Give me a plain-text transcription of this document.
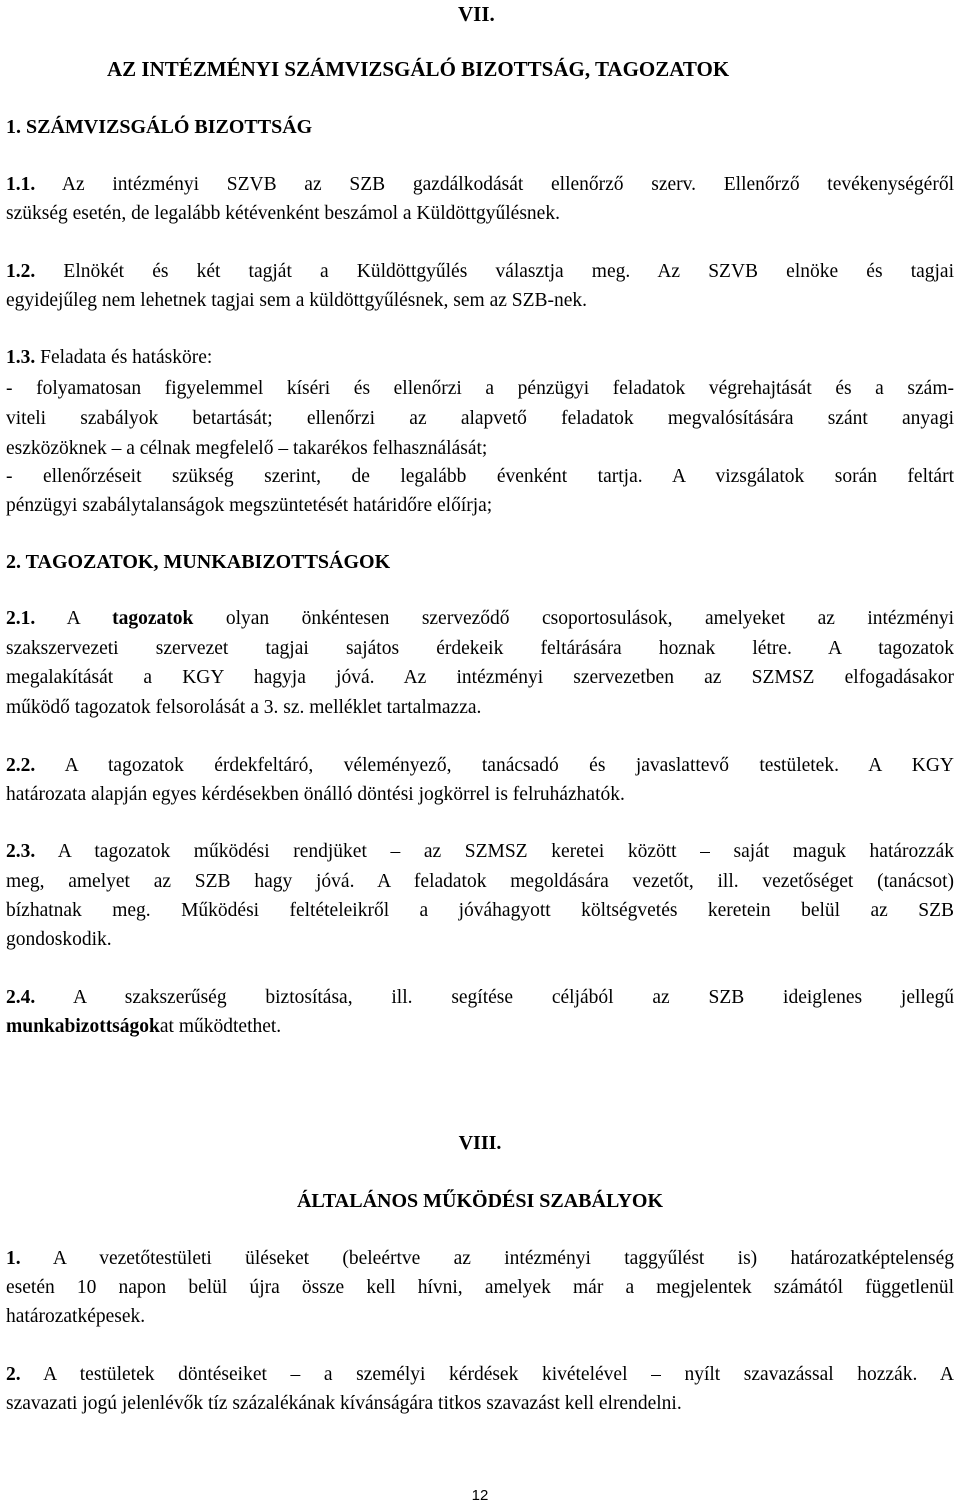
VII.
AZ INTÉZMÉNYI SZÁMVIZSGÁLÓ BIZOTTSÁG, TAGOZATOK
1. SZÁMVIZSGÁLÓ BIZOTTSÁG
1.1. Az intézményi SZVB az SZB gazdálkodását ellenőrző szerv. Ellenőrző tevékenységéről
szükség esetén, de legalább kétévenként beszámol a Küldöttgyűlésnek.
1.2. Elnökét és két tagját a Küldöttgyűlés választja meg. Az SZVB elnöke és tagjai
egyidejűleg nem lehetnek tagjai sem a küldöttgyűlésnek, sem az SZB-nek.
1.3. Feladata és hatásköre:
- folyamatosan figyelemmel kíséri és ellenőrzi a pénzügyi feladatok végrehajtását és a szám-
viteli szabályok betartását; ellenőrzi az alapvető feladatok megvalósítására szánt anyagi
eszközöknek – a célnak megfelelő – takarékos felhasználását;
- ellenőrzéseit szükség szerint, de legalább évenként tartja. A vizsgálatok során feltárt
pénzügyi szabálytalanságok megszüntetését határidőre előírja;
2. TAGOZATOK, MUNKABIZOTTSÁGOK
2.1. A tagozatok olyan önkéntesen szerveződő csoportosulások, amelyeket az intézményi
szakszervezeti szervezet tagjai sajátos érdekeik feltárására hoznak létre. A tagozatok
megalakítását a KGY hagyja jóvá. Az intézményi szervezetben az SZMSZ elfogadásakor
működő tagozatok felsorolását a 3. sz. melléklet tartalmazza.
2.2. A tagozatok érdekfeltáró, véleményező, tanácsadó és javaslattevő testületek. A KGY
határozata alapján egyes kérdésekben önálló döntési jogkörrel is felruházhatók.
2.3. A tagozatok működési rendjüket – az SZMSZ keretei között – saját maguk határozzák
meg, amelyet az SZB hagy jóvá. A feladatok megoldására vezetőt, ill. vezetőséget (tanácsot)
bízhatnak meg. Működési feltételeikről a jóváhagyott költségvetés keretein belül az SZB
gondoskodik.
2.4. A szakszerűség biztosítása, ill. segítése céljából az SZB ideiglenes jellegű
munkabizottságokat működtethet.
VIII.
ÁLTALÁNOS MŰKÖDÉSI SZABÁLYOK
1. A vezetőtestületi üléseket (beleértve az intézményi taggyűlést is) határozatképtelenség
esetén 10 napon belül újra össze kell hívni, amelyek már a megjelentek számától függetlenül
határozatképesek.
2. A testületek döntéseiket – a személyi kérdések kivételével – nyílt szavazással hozzák. A
szavazati jogú jelenlévők tíz százalékának kívánságára titkos szavazást kell elrendelni.
12
